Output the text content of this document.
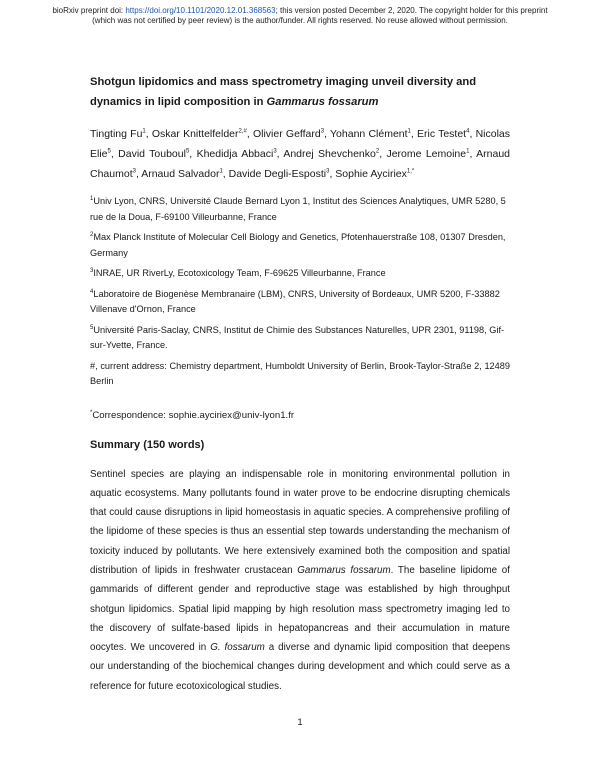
bioRxiv preprint doi: https://doi.org/10.1101/2020.12.01.368563; this version posted December 2, 2020. The copyright holder for this preprint
(which was not certified by peer review) is the author/funder. All rights reserved. No reuse allowed without permission.

Shotgun lipidomics and mass spectrometry imaging unveil diversity and dynamics in lipid composition in Gammarus fossarum

Tingting Fu$^1$, Oskar Knittelfelder$^{2,\#}$, Olivier Geffard$^3$, Yohann Clément$^1$, Eric Testet$^4$, Nicolas Elie$^5$, David Touboul$^5$, Khedidja Abbaci$^3$, Andrej Shevchenko$^2$, Jerome Lemoine$^1$, Arnaud Chaumot$^3$, Arnaud Salvador$^1$, Davide Degli-Esposti$^3$, Sophie Ayciriex$^{1,*}$

$^1$Univ Lyon, CNRS, Université Claude Bernard Lyon 1, Institut des Sciences Analytiques, UMR 5280, 5 rue de la Doua, F-69100 Villeurbanne, France

$^2$Max Planck Institute of Molecular Cell Biology and Genetics, Pfotenhauerstraße 108, 01307 Dresden, Germany

$^3$INRAE, UR RiverLy, Ecotoxicology Team, F-69625 Villeurbanne, France

$^4$Laboratoire de Biogenèse Membranaire (LBM), CNRS, University of Bordeaux, UMR 5200, F-33882 Villenave d'Ornon, France

$^5$Université Paris-Saclay, CNRS, Institut de Chimie des Substances Naturelles, UPR 2301, 91198, Gif-sur-Yvette, France.

#, current address: Chemistry department, Humboldt University of Berlin, Brook-Taylor-Straße 2, 12489 Berlin

*Correspondence: sophie.ayciriex@univ-lyon1.fr

Summary (150 words)

Sentinel species are playing an indispensable role in monitoring environmental pollution in aquatic ecosystems. Many pollutants found in water prove to be endocrine disrupting chemicals that could cause disruptions in lipid homeostasis in aquatic species. A comprehensive profiling of the lipidome of these species is thus an essential step towards understanding the mechanism of toxicity induced by pollutants. We here extensively examined both the composition and spatial distribution of lipids in freshwater crustacean Gammarus fossarum. The baseline lipidome of gammarids of different gender and reproductive stage was established by high throughput shotgun lipidomics. Spatial lipid mapping by high resolution mass spectrometry imaging led to the discovery of sulfate-based lipids in hepatopancreas and their accumulation in mature oocytes. We uncovered in G. fossarum a diverse and dynamic lipid composition that deepens our understanding of the biochemical changes during development and which could serve as a reference for future ecotoxicological studies.

1
